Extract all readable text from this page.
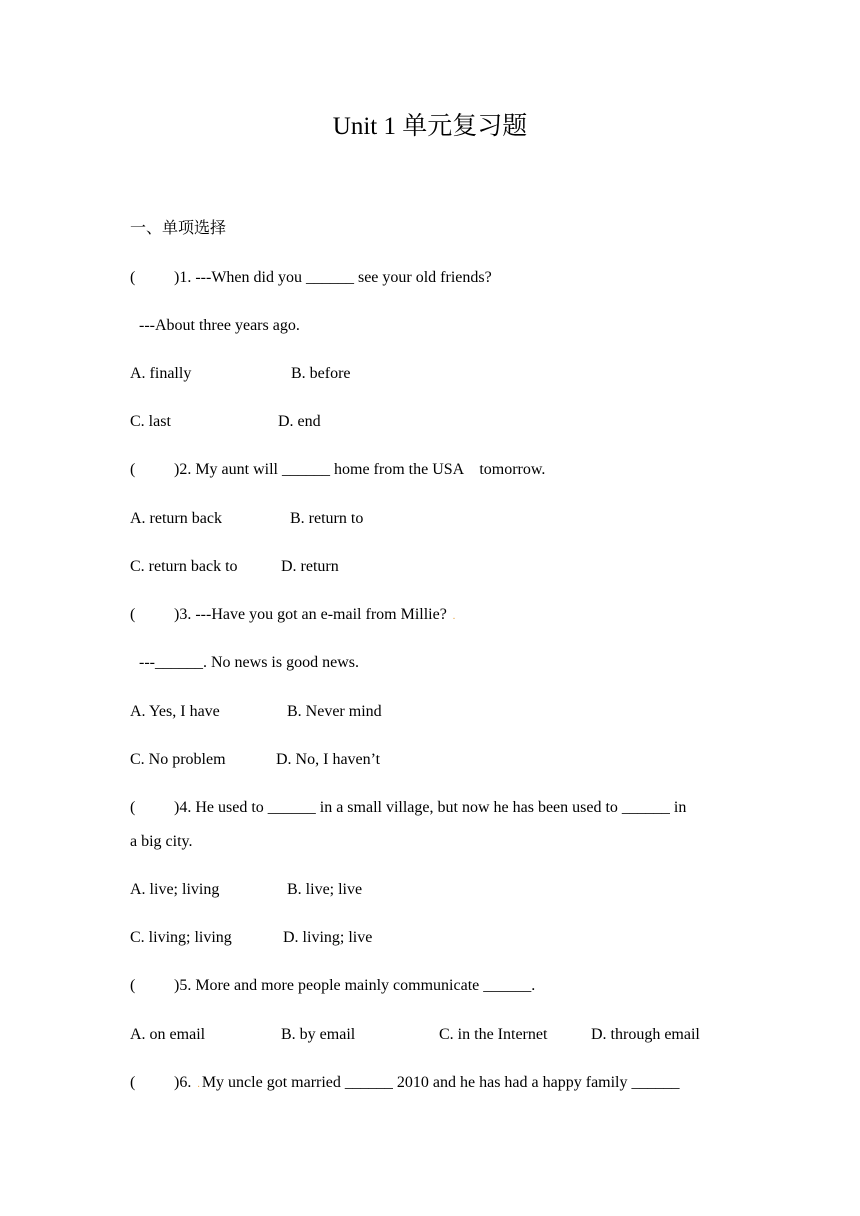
Unit 1 单元复习题
一、单项选择
( )1. ---When did you ______ see your old friends?
---About three years ago.
A. finally	B. before
C. last	D. end
( )2. My aunt will ______ home from the USA    tomorrow.
A. return back	B. return to
C. return back to	D. return
( )3. ---Have you got an e-mail from Millie? .
---______. No news is good news.
A. Yes, I have	B. Never mind
C. No problem	D. No, I haven’t
( )4. He used to ______ in a small village, but now he has been used to ______ in
a big city.
A. live; living	B. live; live
C. living; living	D. living; live
( )5. More and more people mainly communicate ______.
A. on email	B. by email	C. in the Internet	D. through email
( )6. . My uncle got married ______ 2010 and he has had a happy family ______
